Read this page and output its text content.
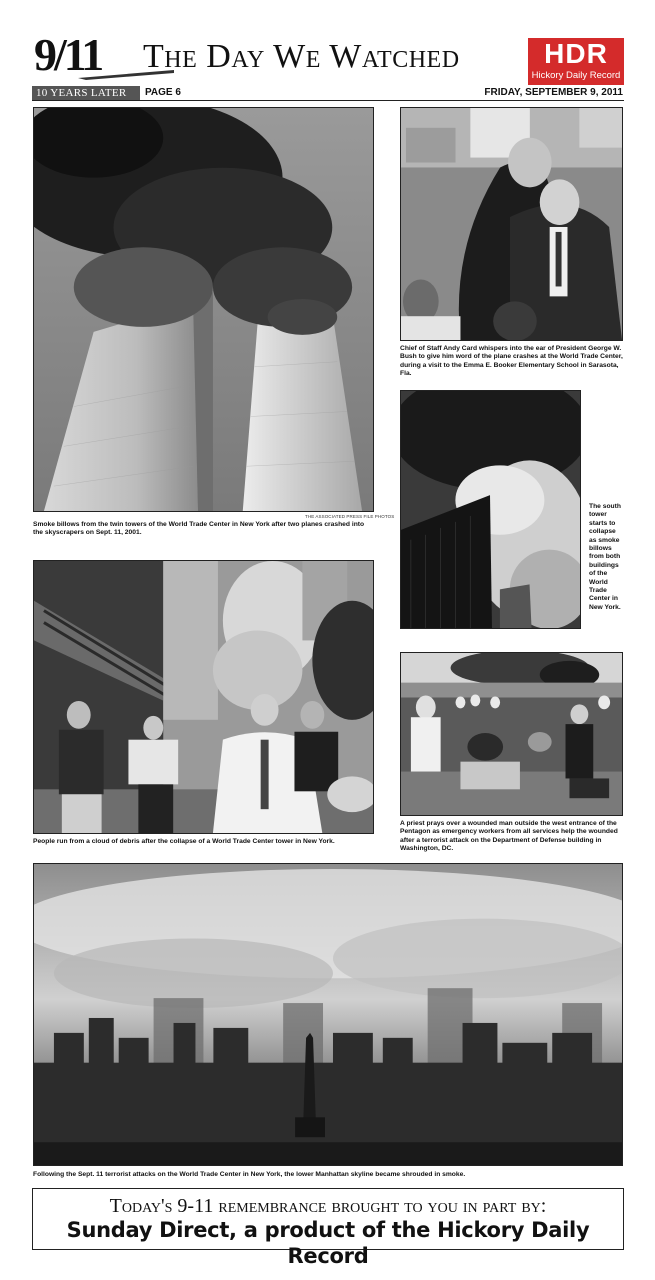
9/11
10 YEARS LATER	PAGE 6
The Day We Watched
FRIDAY, SEPTEMBER 9, 2011
HDR
Hickory Daily Record
THE ASSOCIATED PRESS FILE PHOTOS
Smoke billows from the twin towers of the World Trade Center in New York after two planes crashed into the skyscrapers on Sept. 11, 2001.
Chief of Staff Andy Card whispers into the ear of President George W. Bush to give him word of the plane crashes at the World Trade Center, during a visit to the Emma E. Booker Elementary School in Sarasota, Fla.
The south tower starts to collapse as smoke billows from both buildings of the World Trade Center in New York.
People run from a cloud of debris after the collapse of a World Trade Center tower in New York.
A priest prays over a wounded man outside the west entrance of the Pentagon as emergency workers from all services help the wounded after a terrorist attack on the Department of Defense building in Washington, DC.
Following the Sept. 11 terrorist attacks on the World Trade Center in New York, the lower Manhattan skyline became shrouded in smoke.
Today's 9-11 remembrance brought to you in part by:
Sunday Direct, a product of the Hickory Daily Record
